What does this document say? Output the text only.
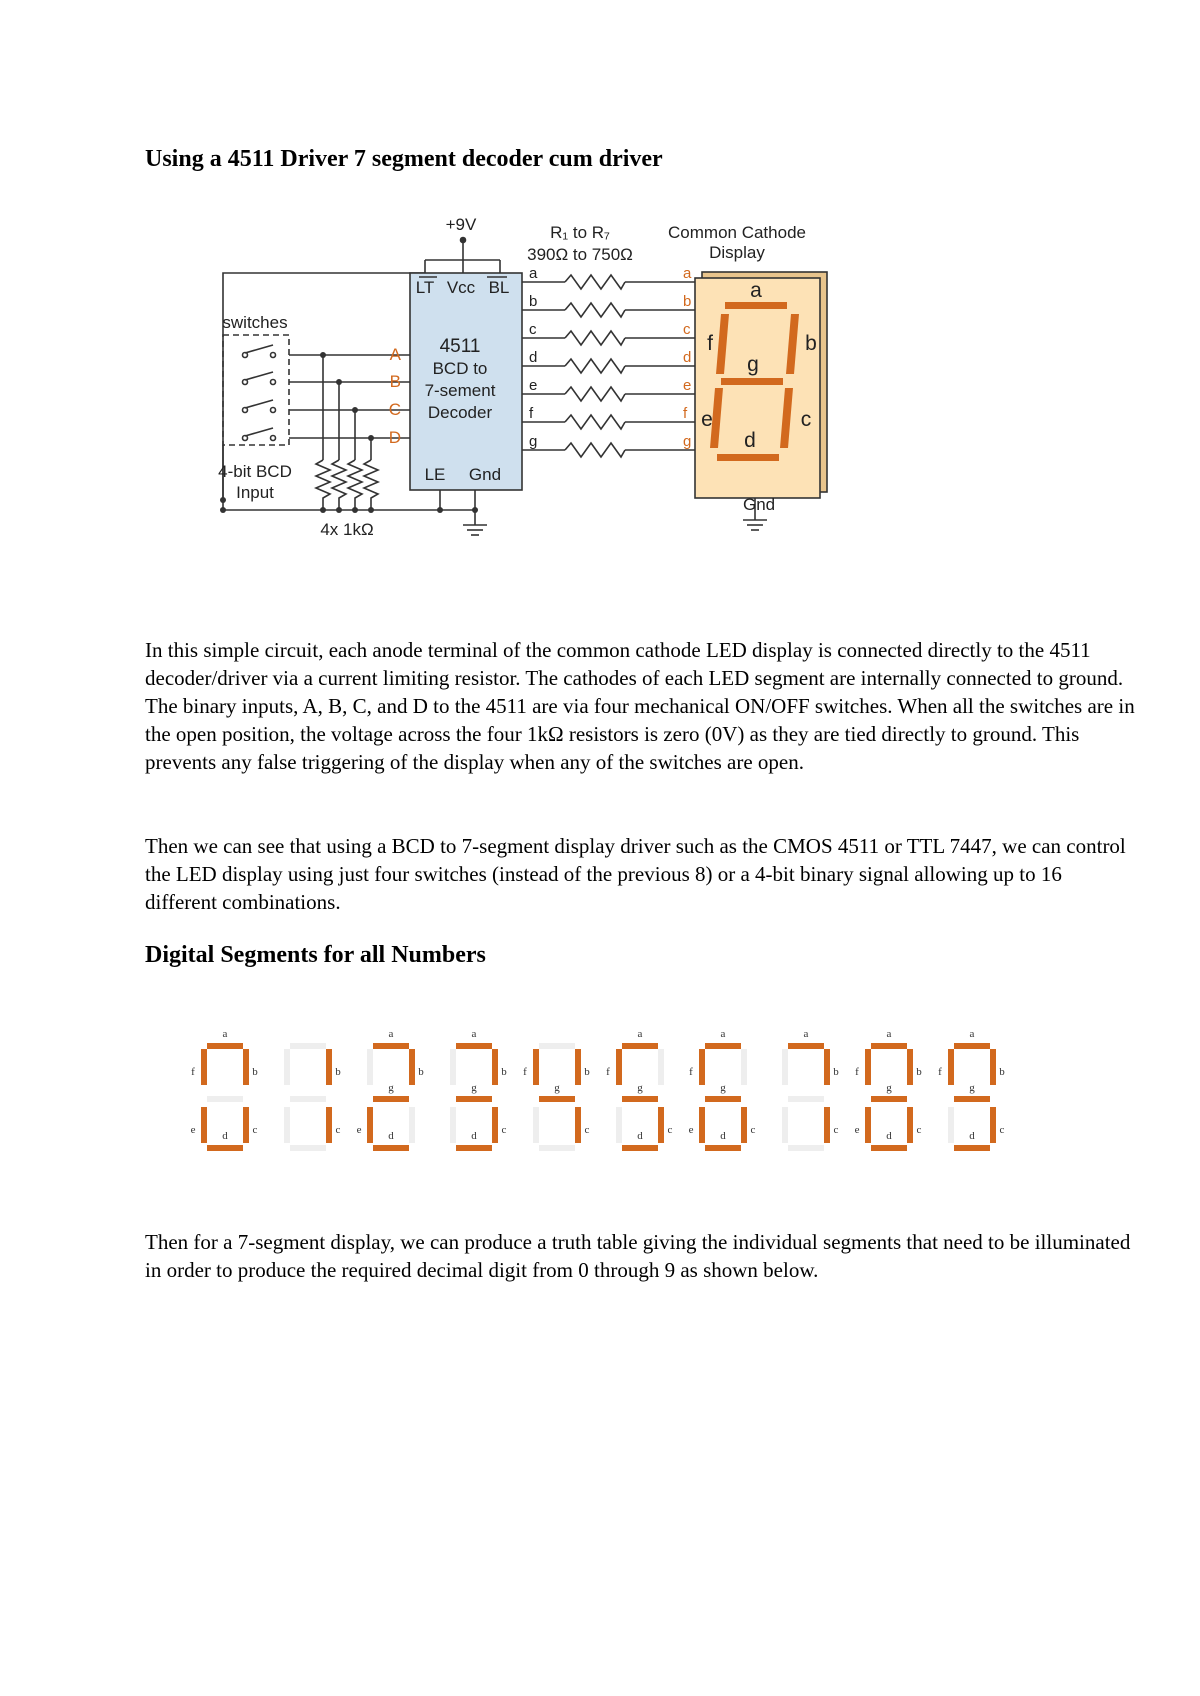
Using a 4511 Driver 7 segment decoder cum driver
+9V	R₁ to R₇
390Ω to 750Ω
Common Cathode
Display
LT Vcc BL
4511
BCD to
7-sement
Decoder
LE Gnd
switches
4-bit BCD
Input
4x 1kΩ
Gnd
A
B
C
D
a
b
c
d
e
f
g
a	a
b	b
c	c
d	d
e	e
f	f
g	g

In this simple circuit, each anode terminal of the common cathode LED display is connected directly to the 4511 decoder/driver via a current limiting resistor. The cathodes of each LED segment are internally connected to ground. The binary inputs, A, B, C, and D to the 4511 are via four mechanical ON/OFF switches. When all the switches are in the open position, the voltage across the four 1kΩ resistors is zero (0V) as they are tied directly to ground. This prevents any false triggering of the display when any of the switches are open.

Then we can see that using a BCD to 7-segment display driver such as the CMOS 4511 or TTL 7447, we can control the LED display using just four switches (instead of the previous 8) or a 4-bit binary signal allowing up to 16 different combinations.

Digital Segments for all Numbers
a
b
c
d
e
f	b
c
a
b
d
e
g
a
b
c
d
g
b
c
f
g
a
c
d
f
g
a
c
d
e
f
g
a
b
c
a
b
c
d
e
f
g
a
b
c
d
f
g

Then for a 7-segment display, we can produce a truth table giving the individual segments that need to be illuminated in order to produce the required decimal digit from 0 through 9 as shown below.
